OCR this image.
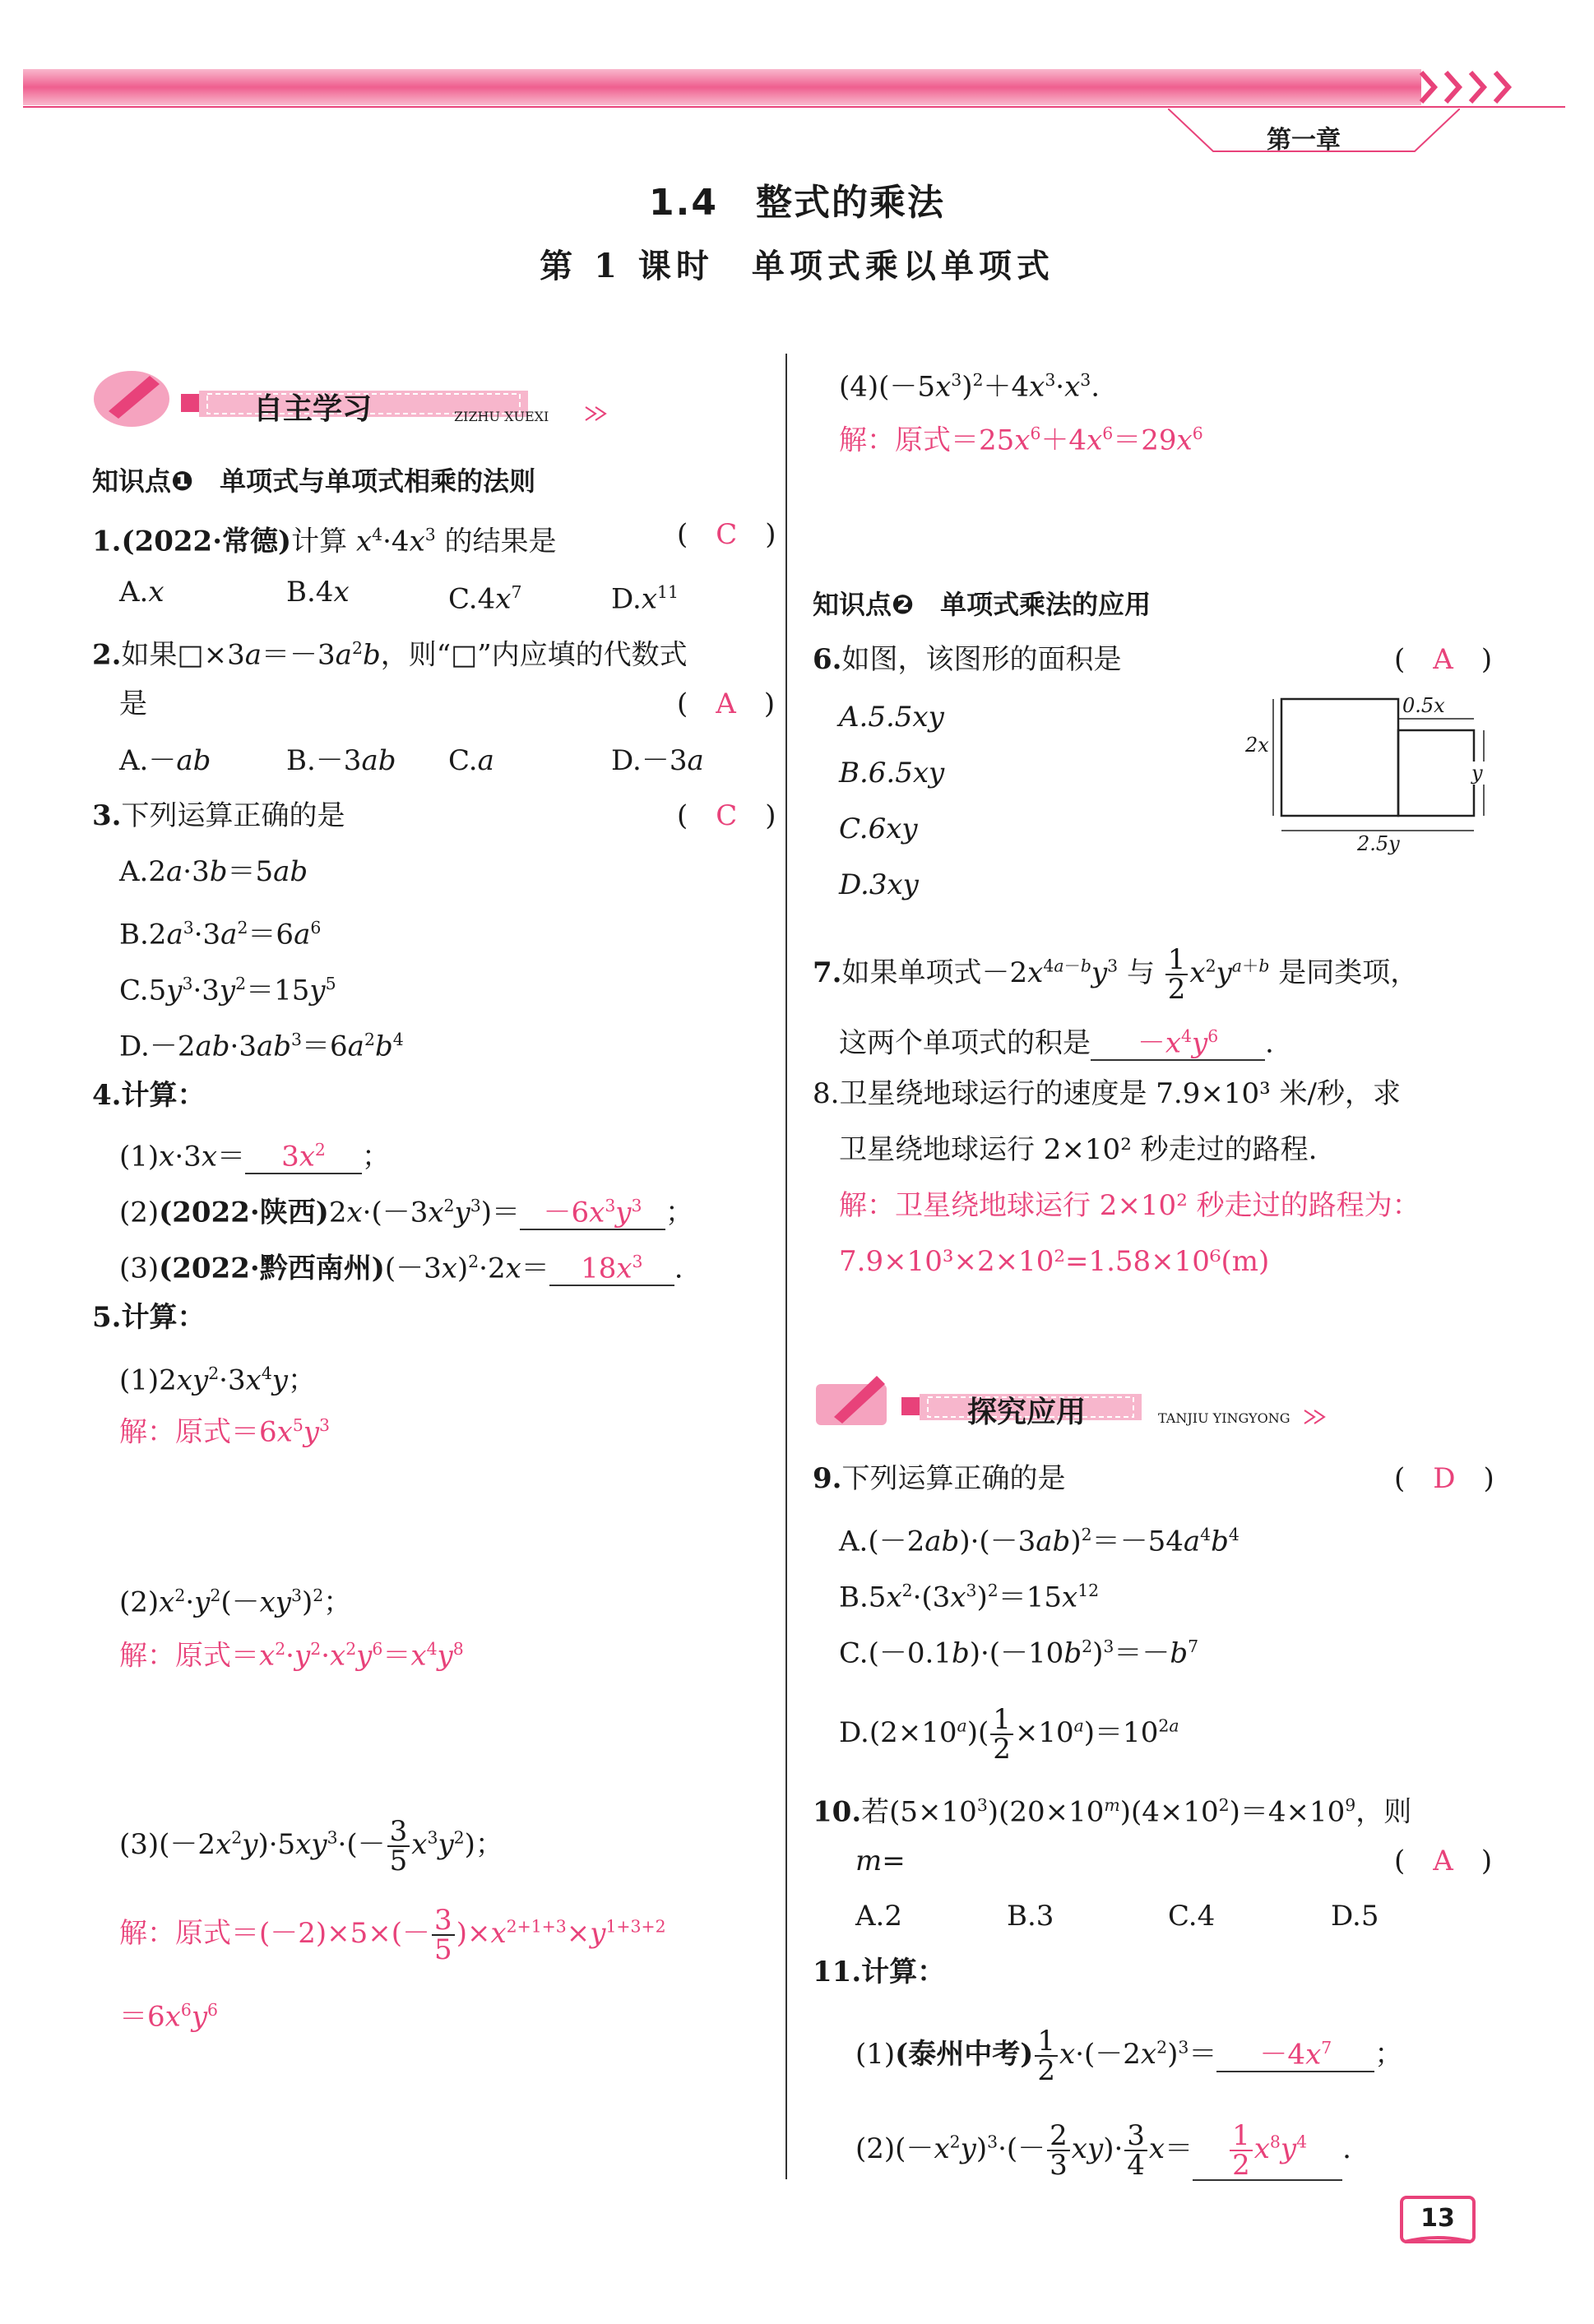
第一章
1.4　整式的乘法
第 1 课时　单项式乘以单项式
自主学习	ZIZHU XUEXI
知识点❶　单项式与单项式相乘的法则
1.(2022·常德)计算 $x^4\cdot 4x^3$ 的结果是	(　C　)
A.x	B.4x	$C.4x^7$	$D.x^{11}$
2.如果$□\times 3a=-3a^2b$，则“□”内应填的代数式
是	(　A　)
A.－ab	B.－3ab C.a	D.－3a
3.下列运算正确的是	(　C　)
A.2a·3b＝5ab
$B.2a^3\cdot 3a^2=6a^6$
$C.5y^3\cdot 3y^2=15y^5$
$D.-2ab\cdot 3ab^3=6a^2b^4$
4.计算：
$(1)x\cdot 3x= 3x^2$ ；
(2)(2022·陕西)$2x\cdot(-3x^2y^3)= -6x^3y^3$ ；
(3)(2022·黔西南州)$(-3x)^2\cdot 2x= 18x^3$ .
5.计算：
$(1)2xy^2\cdot 3x^4y$；
解：原式$=6x^5y^3$
$(2)x^2\cdot y^2(-xy^3)^2$；
解：原式$=x^2\cdot y^2\cdot x^2y^6=x^4y^8$
$(3)(-2x^2y)\cdot 5xy^3\cdot(- \frac{3}{5} x^3y^2)$；
解：原式$=(-2)\times 5\times(- \frac{3}{5} )\times x^{2+1+3}\times y^{1+3+2}$
$=6x^6y^6$
$(4)(-5x^3)^2+4x^3\cdot x^3$.
解：原式$=25x^6+4x^6=29x^6$
知识点❷　单项式乘法的应用
6.如图，该图形的面积是	(　A　)
A.5.5xy
B.6.5xy
C.6xy
D.3xy
0.5x
2x
y
2.5y
7.如果单项式$-2x^{4a-b}y^3$ 与 $\frac{1}{2} x^2y^{a+b}$ 是同类项，
这两个单项式的积是 $-x^4y^6$ .
8.卫星绕地球运行的速度是 7.9×10³ 米/秒，求
卫星绕地球运行 2×10² 秒走过的路程.
解：卫星绕地球运行 2×10² 秒走过的路程为：
7.9×10³×2×10²=1.58×10⁶(m)
探究应用	TANJIU YINGYONG
9.下列运算正确的是	(　D　)
$A.(-2ab)\cdot(-3ab)^2=-54a^4b^4$
$B.5x^2\cdot(3x^3)^2=15x^{12}$
$C.(-0.1b)\cdot(-10b^2)^3=-b^7$
$D.(2\times 10^a)( \frac{1}{2} \times 10^a)=10^{2a}$
10.若$(5\times 10^3)(20\times 10^m)(4\times 10^2)=4\times 10^9$，则
m=	(　A　)
A.2	B.3	C.4	D.5
11.计算：
(1)(泰州中考) $\frac{1}{2} x\cdot(-2x^2)^3= -4x^7$ ；
$(2)(-x^2y)^3\cdot(- \frac{2}{3} xy)\cdot \frac{3}{4} x= \frac{1}{2} x^8y^4$ .
13
